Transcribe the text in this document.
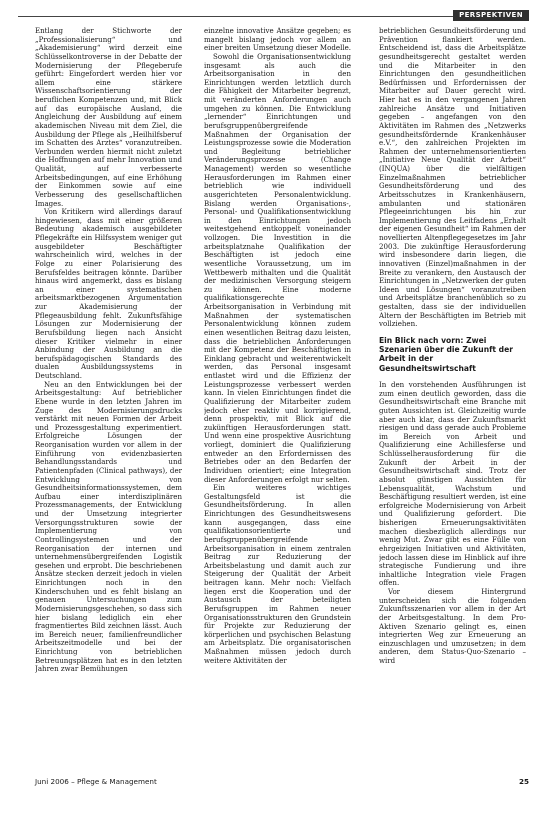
PERSPEKTIVEN

Entlang der Stichworte der „Professionalisierung“ und „Akademisierung“ wird derzeit eine Schlüsselkontroverse in der Debatte der Modernisierung der Pflegeberufe geführt: Eingefordert werden hier vor allem eine stärkere Wissenschaftsorientierung der beruflichen Kompetenzen und, mit Blick auf das europäische Ausland, die Angleichung der Ausbildung auf einem akademischen Niveau mit dem Ziel, die Ausbildung der Pflege als „Heilhilfsberuf im Schatten des Arztes“ voranzutreiben. Verbunden werden hiermit nicht zuletzt die Hoffnungen auf mehr Innovation und Qualität, auf verbesserte Arbeitsbedingungen, auf eine Erhöhung der Einkommen sowie auf eine Verbesserung des gesellschaftlichen Images.

Von Kritikern wird allerdings darauf hingewiesen, dass mit einer größeren Bedeutung akademisch ausgebildeter Pflegekräfte ein Hilfssystem weniger gut ausgebildeter Beschäftigter wahrscheinlich wird, welches in der Folge zu einer Polarisierung des Berufsfeldes beitragen könnte. Darüber hinaus wird angemerkt, dass es bislang an einer systematischen arbeitsmarktbezogenen Argumentation zur Akademisierung der Pflegeausbildung fehlt. Zukunftsfähige Lösungen zur Modernisierung der Berufsbildung liegen nach Ansicht dieser Kritiker vielmehr in einer Anbindung der Ausbildung an die berufspädagogischen Standards des dualen Ausbildungssystems in Deutschland.

Neu an den Entwicklungen bei der Arbeitsgestaltung: Auf betrieblicher Ebene wurde in den letzten Jahren im Zuge des Modernisierungsdrucks verstärkt mit neuen Formen der Arbeit und Prozessgestaltung experimentiert. Erfolgreiche Lösungen der Reorganisation wurden vor allem in der Einführung von evidenzbasierten Behandlungsstandards und Patientenpfaden (Clinical pathways), der Entwicklung von Gesundheitsinformationssystemen, dem Aufbau einer interdisziplinären Prozessmanagements, der Entwicklung und der Umsetzung integrierter Versorgungsstrukturen sowie der Implementierung von Controllingsystemen und der Reorganisation der internen und unternehmensübergreifenden Logistik gesehen und erprobt. Die beschriebenen Ansätze stecken derzeit jedoch in vielen Einrichtungen noch in den Kinderschuhen und es fehlt bislang an genauen Untersuchungen zum Modernisierungsgeschehen, so dass sich hier bislang lediglich ein eher fragmentiertes Bild zeichnen lässt. Auch im Bereich neuer, familienfreundlicher Arbeitszeitmodelle und bei der Einrichtung von betrieblichen Betreuungsplätzen hat es in den letzten Jahren zwar Bemühungen

einzelne innovative Ansätze gegeben; es mangelt bislang jedoch vor allem an einer breiten Umsetzung dieser Modelle.

Sowohl die Organisationsentwicklung insgesamt als auch die Arbeitsorganisation in den Einrichtungen werden letztlich durch die Fähigkeit der Mitarbeiter begrenzt, mit veränderten Anforderungen auch umgehen zu können. Die Entwicklung „lernender“ Einrichtungen und berufsgruppenübergreifende Maßnahmen der Organisation der Leistungsprozesse sowie die Moderation und Begleitung betrieblicher Veränderungsprozesse (Change Management) werden so wesentliche Herausforderungen im Rahmen einer betrieblich wie individuell ausgerichteten Personalentwicklung. Bislang werden Organisations-, Personal- und Qualifikationsentwicklung in den Einrichtungen jedoch weitestgehend entkoppelt voneinander vollzogen. Die Investition in die arbeitsplatznahe Qualifikation der Beschäftigten ist jedoch eine wesentliche Voraussetzung, um im Wettbewerb mithalten und die Qualität der medizinischen Versorgung steigern zu können. Eine moderne qualifikationsgerechte Arbeitsorganisation in Verbindung mit Maßnahmen der systematischen Personalentwicklung können zudem einen wesentlichen Beitrag dazu leisten, dass die betrieblichen Anforderungen mit der Kompetenz der Beschäftigten in Einklang gebracht und weiterentwickelt werden, das Personal insgesamt entlastet wird und die Effizienz der Leistungsprozesse verbessert werden kann. In vielen Einrichtungen findet die Qualifizierung der Mitarbeiter zudem jedoch eher reaktiv und korrigierend, denn prospektiv, mit Blick auf die zukünftigen Herausforderungen statt. Und wenn eine prospektive Ausrichtung vorliegt, dominiert die Qualifizierung entweder an den Erfordernissen des Betriebes oder an den Bedarfen der Individuen orientiert; eine Integration dieser Anforderungen erfolgt nur selten.

Ein weiteres wichtiges Gestaltungsfeld ist die Gesundheitsförderung. In allen Einrichtungen des Gesundheitswesens kann ausgegangen, dass eine qualifikationsorientierte und berufsgruppenübergreifende Arbeitsorganisation in einem zentralen Beitrag zur Reduzierung der Arbeitsbelastung und damit auch zur Steigerung der Qualität der Arbeit beitragen kann. Mehr noch: Vielfach liegen erst die Kooperation und der Austausch der beteiligten Berufsgruppen im Rahmen neuer Organisationsstrukturen den Grundstein für Projekte zur Reduzierung der körperlichen und psychischen Belastung am Arbeitsplatz. Die organisatorischen Maßnahmen müssen jedoch durch weitere Aktivitäten der

betrieblichen Gesundheitsförderung und Prävention flankiert werden. Entscheidend ist, dass die Arbeitsplätze gesundheitsgerecht gestaltet werden und die Mitarbeiter in den Einrichtungen den gesundheitlichen Bedürfnissen und Erfordernissen der Mitarbeiter auf Dauer gerecht wird. Hier hat es in den vergangenen Jahren zahlreiche Ansätze und Initiativen gegeben – angefangen von den Aktivitäten im Rahmen des „Netzwerks gesundheitsfördernde Krankenhäuser e.V.“, den zahlreichen Projekten im Rahmen der unternehmensorientierten „Initiative Neue Qualität der Arbeit“ (INQUA) über die vielfältigen Einzelmaßnahmen betrieblicher Gesundheitsförderung und des Arbeitsschutzes in Krankenhäusern, ambulanten und stationären Pflegeeinrichtungen bis hin zur Implementierung des Leitfadens „Erhalt der eigenen Gesundheit“ im Rahmen der novellierten Altenpflegegesetzes im Jahr 2003. Die zukünftige Herausforderung wird insbesondere darin liegen, die innovativen (Einzel)maßnahmen in der Breite zu verankern, den Austausch der Einrichtungen in „Netzwerken der guten Ideen und Lösungen“ voranzutreiben und Arbeitsplätze branchenüblich so zu gestalten, dass sie der individuellen Altern der Beschäftigten im Betrieb mit vollziehen.

Ein Blick nach vorn: Zwei Szenarien über die Zukunft der Arbeit in der Gesundheitswirtschaft

In den vorstehenden Ausführungen ist zum einen deutlich geworden, dass die Gesundheitswirtschaft eine Branche mit guten Aussichten ist. Gleichzeitig wurde aber auch klar, dass der Zukunftsmarkt riesigen und dass gerade auch Probleme im Bereich von Arbeit und Qualifizierung eine Achillesferse und Schlüsselherausforderung für die Zukunft der Arbeit in der Gesundheitswirtschaft sind. Trotz der absolut günstigen Aussichten für Lebensqualität, Wachstum und Beschäftigung resultiert werden, ist eine erfolgreiche Modernisierung von Arbeit und Qualifizierung gefordert. Die bisherigen Erneuerungsaktivitäten machen diesbezüglich allerdings nur wenig Mut. Zwar gibt es eine Fülle von ehrgeizigen Initiativen und Aktivitäten, jedoch lassen diese im Hinblick auf ihre strategische Fundierung und ihre inhaltliche Integration viele Fragen offen.

Vor diesem Hintergrund unterscheiden sich die folgenden Zukunftsszenarien vor allem in der Art der Arbeitsgestaltung. In dem Pro-Aktiven Szenario gelingt es, einen integrierten Weg zur Erneuerung an einzuschlagen und umzusetzen; in dem anderen, dem Status-Quo-Szenario – wird

Juni 2006 – Pflege & Management	25
